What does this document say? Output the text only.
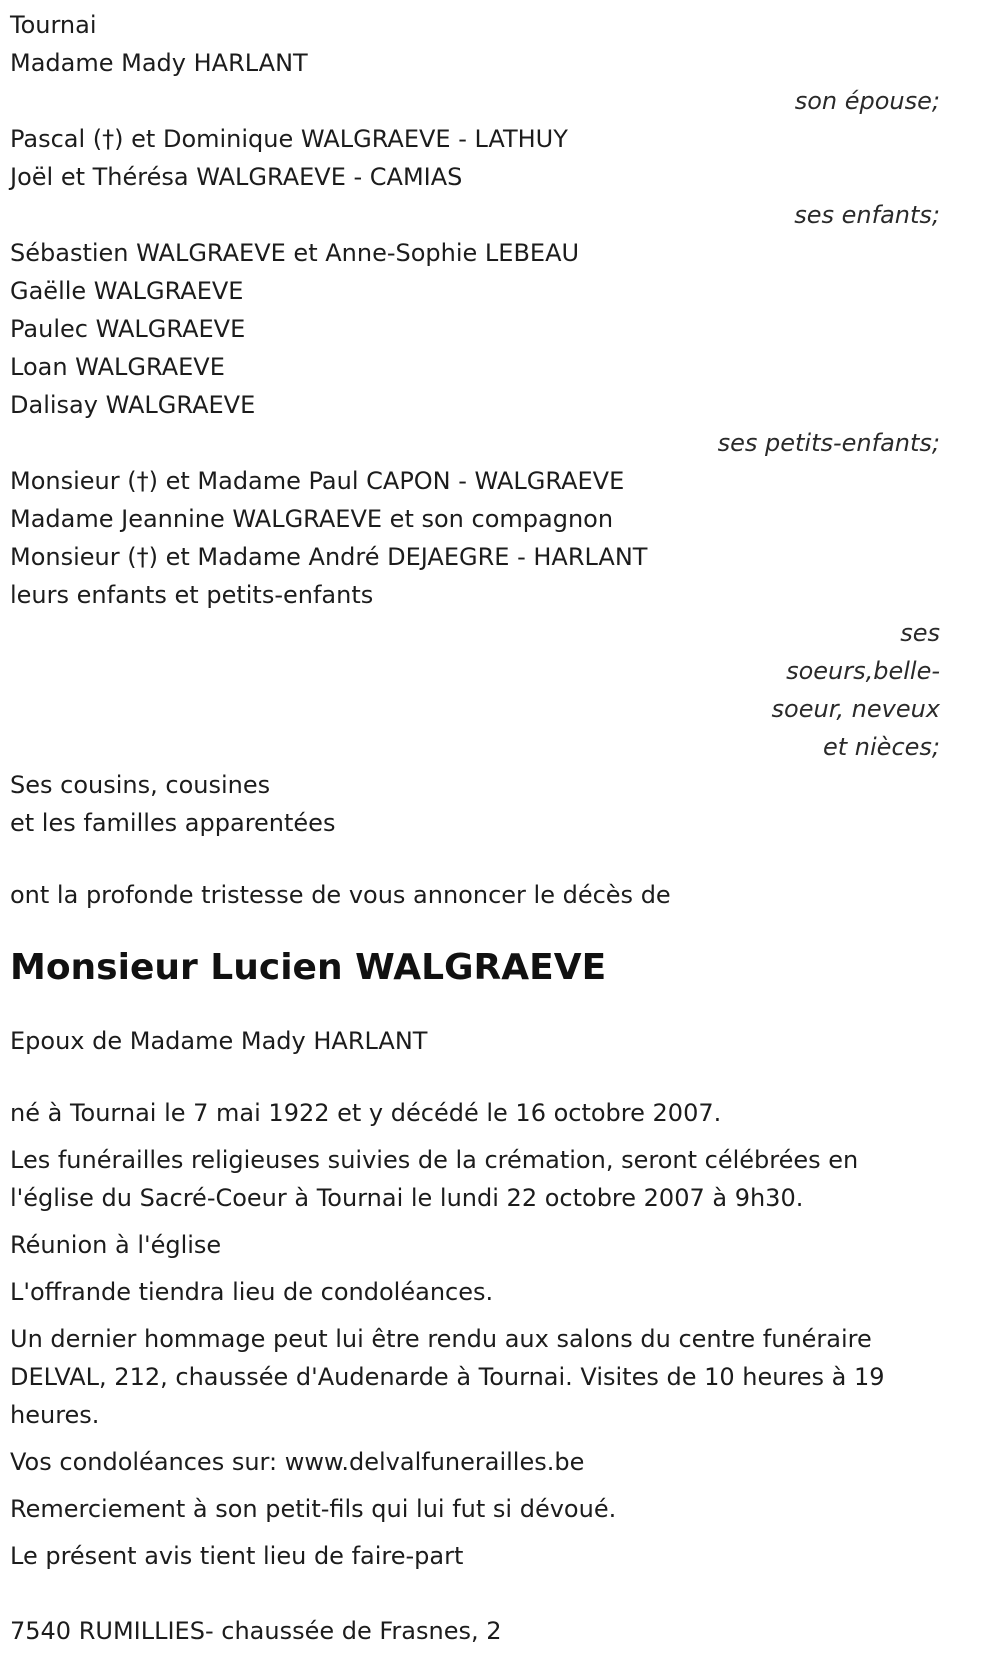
Tournai
Madame Mady HARLANT
son épouse;
Pascal (†) et Dominique WALGRAEVE - LATHUY
Joël et Thérésa WALGRAEVE - CAMIAS
ses enfants;
Sébastien WALGRAEVE et Anne-Sophie LEBEAU
Gaëlle WALGRAEVE
Paulec WALGRAEVE
Loan WALGRAEVE
Dalisay WALGRAEVE
ses petits-enfants;
Monsieur (†) et Madame Paul CAPON - WALGRAEVE
Madame Jeannine WALGRAEVE et son compagnon
Monsieur (†) et Madame André DEJAEGRE - HARLANT
leurs enfants et petits-enfants
ses soeurs,belle-soeur, neveux et nièces;
Ses cousins, cousines
et les familles apparentées
ont la profonde tristesse de vous annoncer le décès de
Monsieur Lucien WALGRAEVE
Epoux de Madame Mady HARLANT
né à Tournai le 7 mai 1922 et y décédé le 16 octobre 2007.
Les funérailles religieuses suivies de la crémation, seront célébrées en l'église du Sacré-Coeur à Tournai le lundi 22 octobre 2007 à 9h30.
Réunion à l'église
L'offrande tiendra lieu de condoléances.
Un dernier hommage peut lui être rendu aux salons du centre funéraire DELVAL, 212, chaussée d'Audenarde à Tournai. Visites de 10 heures à 19 heures.
Vos condoléances sur: www.delvalfunerailles.be
Remerciement à son petit-fils qui lui fut si dévoué.
Le présent avis tient lieu de faire-part
7540 RUMILLIES- chaussée de Frasnes, 2
